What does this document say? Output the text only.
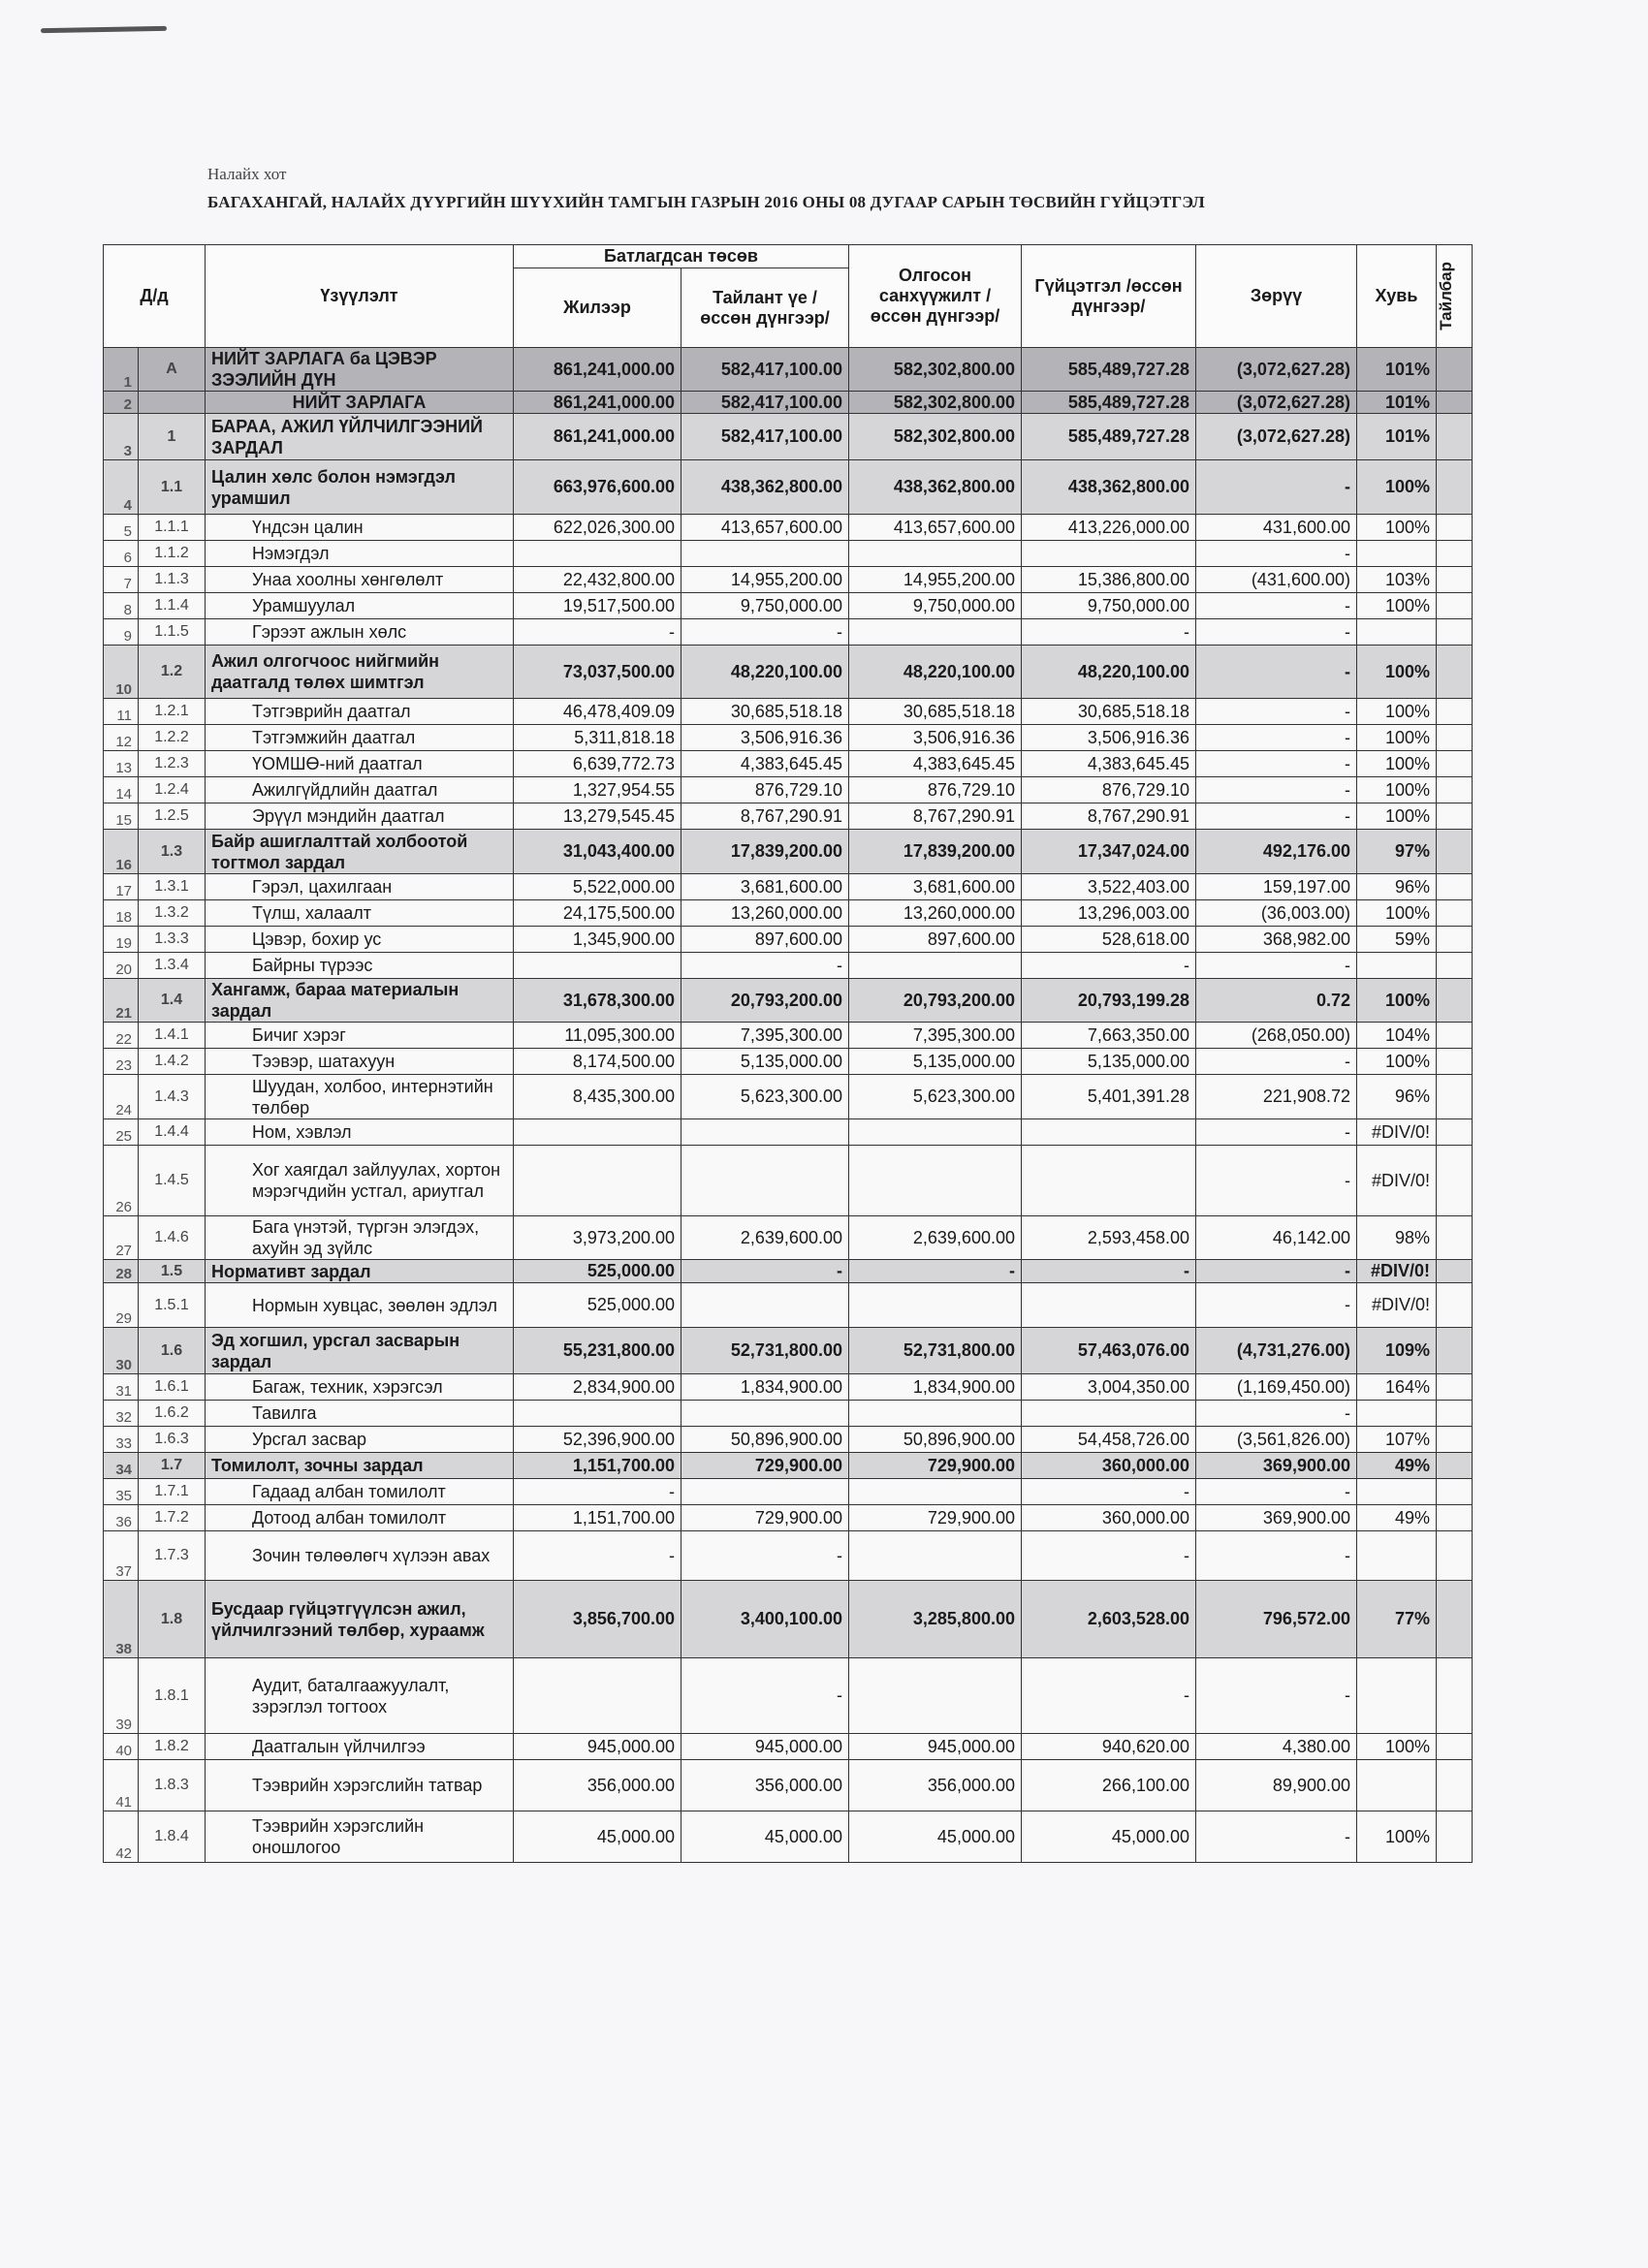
Налайх хот
БАГАХАНГАЙ, НАЛАЙХ ДҮҮРГИЙН ШҮҮХИЙН ТАМГЫН ГАЗРЫН 2016 ОНЫ 08 ДУГААР САРЫН ТӨСВИЙН ГҮЙЦЭТГЭЛ
Д/д		Үзүүлэлт	Батлагдсан төсөв		Олгосон санхүүжилт /өссөн дүнгээр/	Гүйцэтгэл /өссөн дүнгээр/	Зөрүү	Хувь	Тайлбар

			Жилээр	Тайлант үе /өссөн дүнгээр/					
1	А	НИЙТ ЗАРЛАГА ба ЦЭВЭР ЗЭЭЛИЙН ДҮН	861,241,000.00	582,417,100.00	582,302,800.00	585,489,727.28	(3,072,627.28)	101%	
2		НИЙТ ЗАРЛАГА	861,241,000.00	582,417,100.00	582,302,800.00	585,489,727.28	(3,072,627.28)	101%	
3	1	БАРАА, АЖИЛ ҮЙЛЧИЛГЭЭНИЙ ЗАРДАЛ	861,241,000.00	582,417,100.00	582,302,800.00	585,489,727.28	(3,072,627.28)	101%	
4	1.1	Цалин хөлс болон нэмэгдэл урамшил	663,976,600.00	438,362,800.00	438,362,800.00	438,362,800.00	-	100%	
5	1.1.1	Үндсэн цалин	622,026,300.00	413,657,600.00	413,657,600.00	413,226,000.00	431,600.00	100%	
6	1.1.2	Нэмэгдэл					-		
7	1.1.3	Унаа хоолны хөнгөлөлт	22,432,800.00	14,955,200.00	14,955,200.00	15,386,800.00	(431,600.00)	103%	
8	1.1.4	Урамшуулал	19,517,500.00	9,750,000.00	9,750,000.00	9,750,000.00	-	100%	
9	1.1.5	Гэрээт ажлын хөлс	-	-		-	-		
10	1.2	Ажил олгогчоос нийгмийн даатгалд төлөх шимтгэл	73,037,500.00	48,220,100.00	48,220,100.00	48,220,100.00	-	100%	
11	1.2.1	Тэтгэврийн даатгал	46,478,409.09	30,685,518.18	30,685,518.18	30,685,518.18	-	100%	
12	1.2.2	Тэтгэмжийн даатгал	5,311,818.18	3,506,916.36	3,506,916.36	3,506,916.36	-	100%	
13	1.2.3	ҮОМШӨ-ний даатгал	6,639,772.73	4,383,645.45	4,383,645.45	4,383,645.45	-	100%	
14	1.2.4	Ажилгүйдлийн даатгал	1,327,954.55	876,729.10	876,729.10	876,729.10	-	100%	
15	1.2.5	Эрүүл мэндийн даатгал	13,279,545.45	8,767,290.91	8,767,290.91	8,767,290.91	-	100%	
16	1.3	Байр ашиглалттай холбоотой тогтмол зардал	31,043,400.00	17,839,200.00	17,839,200.00	17,347,024.00	492,176.00	97%	
17	1.3.1	Гэрэл, цахилгаан	5,522,000.00	3,681,600.00	3,681,600.00	3,522,403.00	159,197.00	96%	
18	1.3.2	Түлш, халаалт	24,175,500.00	13,260,000.00	13,260,000.00	13,296,003.00	(36,003.00)	100%	
19	1.3.3	Цэвэр, бохир ус	1,345,900.00	897,600.00	897,600.00	528,618.00	368,982.00	59%	
20	1.3.4	Байрны түрээс		-		-	-		
21	1.4	Хангамж, бараа материалын зардал	31,678,300.00	20,793,200.00	20,793,200.00	20,793,199.28	0.72	100%	
22	1.4.1	Бичиг хэрэг	11,095,300.00	7,395,300.00	7,395,300.00	7,663,350.00	(268,050.00)	104%	
23	1.4.2	Тээвэр, шатахуун	8,174,500.00	5,135,000.00	5,135,000.00	5,135,000.00	-	100%	
24	1.4.3	Шуудан, холбоо, интернэтийн төлбөр	8,435,300.00	5,623,300.00	5,623,300.00	5,401,391.28	221,908.72	96%	
25	1.4.4	Ном, хэвлэл					-	#DIV/0!	
26	1.4.5	Хог хаягдал зайлуулах, хортон мэрэгчдийн устгал, ариутгал					-	#DIV/0!	
27	1.4.6	Бага үнэтэй, түргэн элэгдэх, ахуйн эд зүйлс	3,973,200.00	2,639,600.00	2,639,600.00	2,593,458.00	46,142.00	98%	
28	1.5	Нормативт зардал	525,000.00	-	-	-	-	#DIV/0!	
29	1.5.1	Нормын хувцас, зөөлөн эдлэл	525,000.00				-	#DIV/0!	
30	1.6	Эд хогшил, урсгал засварын зардал	55,231,800.00	52,731,800.00	52,731,800.00	57,463,076.00	(4,731,276.00)	109%	
31	1.6.1	Багаж, техник, хэрэгсэл	2,834,900.00	1,834,900.00	1,834,900.00	3,004,350.00	(1,169,450.00)	164%	
32	1.6.2	Тавилга					-		
33	1.6.3	Урсгал засвар	52,396,900.00	50,896,900.00	50,896,900.00	54,458,726.00	(3,561,826.00)	107%	
34	1.7	Томилолт, зочны зардал	1,151,700.00	729,900.00	729,900.00	360,000.00	369,900.00	49%	
35	1.7.1	Гадаад албан томилолт	-			-	-		
36	1.7.2	Дотоод албан томилолт	1,151,700.00	729,900.00	729,900.00	360,000.00	369,900.00	49%	
37	1.7.3	Зочин төлөөлөгч хүлээн авах	-	-		-	-		
38	1.8	Бусдаар гүйцэтгүүлсэн ажил, үйлчилгээний төлбөр, хураамж	3,856,700.00	3,400,100.00	3,285,800.00	2,603,528.00	796,572.00	77%	
39	1.8.1	Аудит, баталгаажуулалт, зэрэглэл тогтоох		-		-	-		
40	1.8.2	Даатгалын үйлчилгээ	945,000.00	945,000.00	945,000.00	940,620.00	4,380.00	100%	
41	1.8.3	Тээврийн хэрэгслийн татвар	356,000.00	356,000.00	356,000.00	266,100.00	89,900.00		
42	1.8.4	Тээврийн хэрэгслийн оношлогоо	45,000.00	45,000.00	45,000.00	45,000.00	-	100%	
